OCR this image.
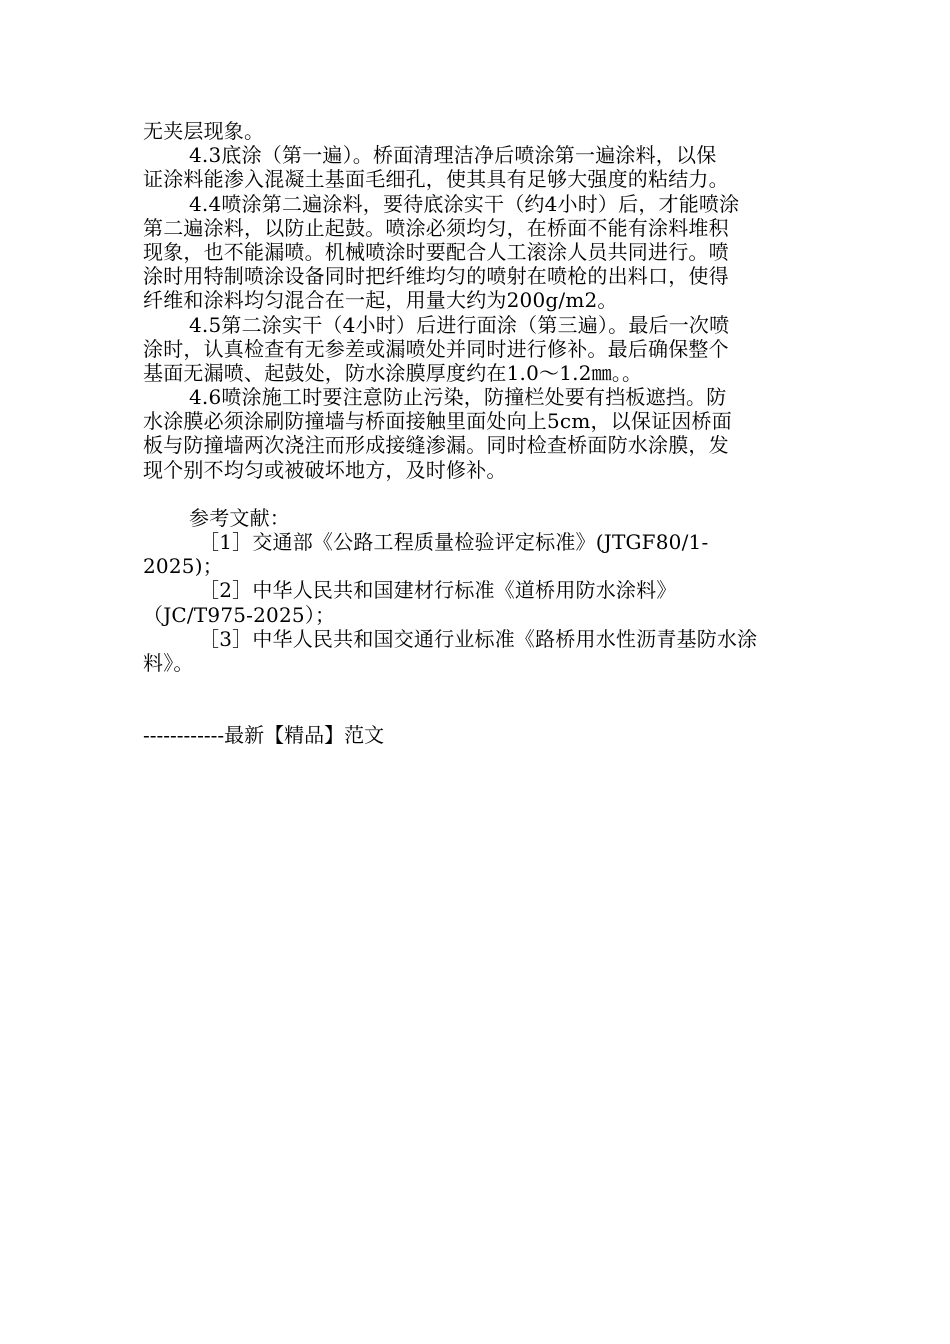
无夹层现象。
4.3底涂（第一遍）。桥面清理洁净后喷涂第一遍涂料，以保
证涂料能渗入混凝土基面毛细孔，使其具有足够大强度的粘结力。
4.4喷涂第二遍涂料，要待底涂实干（约4小时）后，才能喷涂
第二遍涂料，以防止起鼓。喷涂必须均匀，在桥面不能有涂料堆积
现象，也不能漏喷。机械喷涂时要配合人工滚涂人员共同进行。喷
涂时用特制喷涂设备同时把纤维均匀的喷射在喷枪的出料口，使得
纤维和涂料均匀混合在一起，用量大约为200g/m2。
4.5第二涂实干（4小时）后进行面涂（第三遍）。最后一次喷
涂时，认真检查有无参差或漏喷处并同时进行修补。最后确保整个
基面无漏喷、起鼓处，防水涂膜厚度约在1.0～1.2㎜。。
4.6喷涂施工时要注意防止污染，防撞栏处要有挡板遮挡。防
水涂膜必须涂刷防撞墙与桥面接触里面处向上5cm，以保证因桥面
板与防撞墙两次浇注而形成接缝渗漏。同时检查桥面防水涂膜，发
现个别不均匀或被破坏地方，及时修补。
参考文献：
［1］交通部《公路工程质量检验评定标准》(JTGF80/1-
2025)；
［2］中华人民共和国建材行标准《道桥用防水涂料》
（JC/T975-2025）；
［3］中华人民共和国交通行业标准《路桥用水性沥青基防水涂
料》。
------------最新【精品】范文
